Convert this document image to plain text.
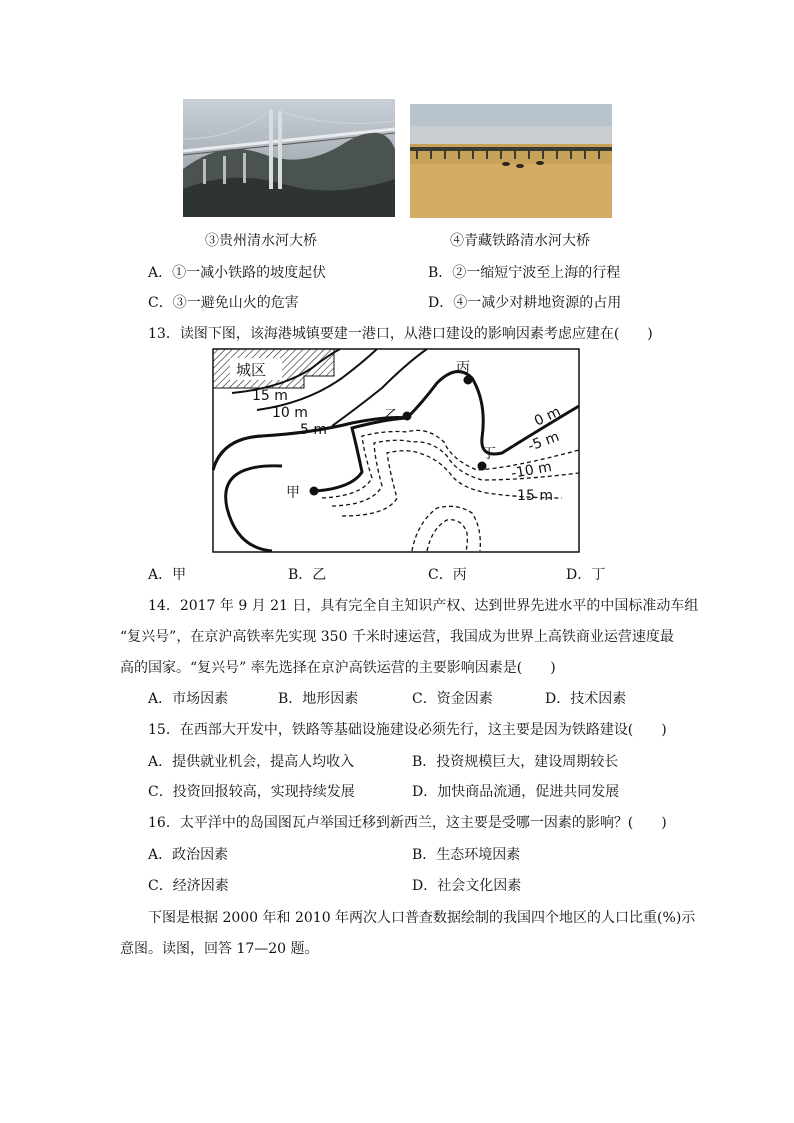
③贵州清水河大桥	④青藏铁路清水河大桥
A．①一减小铁路的坡度起伏	B．②一缩短宁波至上海的行程
C．③一避免山火的危害	D．④一减少对耕地资源的占用
13．读图下图，该海港城镇要建一港口，从港口建设的影响因素考虑应建在(　　)
城区
15 m
10 m
5 m
0 m
-5 m
-10 m
-15 m
甲
乙
丙
丁
A．甲	B．乙	C．丙	D．丁
14．2017 年 9 月 21 日，具有完全自主知识产权、达到世界先进水平的中国标准动车组
“复兴号”，在京沪高铁率先实现 350 千米时速运营，我国成为世界上高铁商业运营速度最
高的国家。“复兴号” 率先选择在京沪高铁运营的主要影响因素是(　　)
A．市场因素	B．地形因素	C．资金因素	D．技术因素
15．在西部大开发中，铁路等基础设施建设必须先行，这主要是因为铁路建设(　　)
A．提供就业机会，提高人均收入	B．投资规模巨大，建设周期较长
C．投资回报较高，实现持续发展	D．加快商品流通，促进共同发展
16．太平洋中的岛国图瓦卢举国迁移到新西兰，这主要是受哪一因素的影响？(　　)
A．政治因素	B．生态环境因素
C．经济因素	D．社会文化因素
下图是根据 2000 年和 2010 年两次人口普查数据绘制的我国四个地区的人口比重(%)示
意图。读图，回答 17—20 题。
